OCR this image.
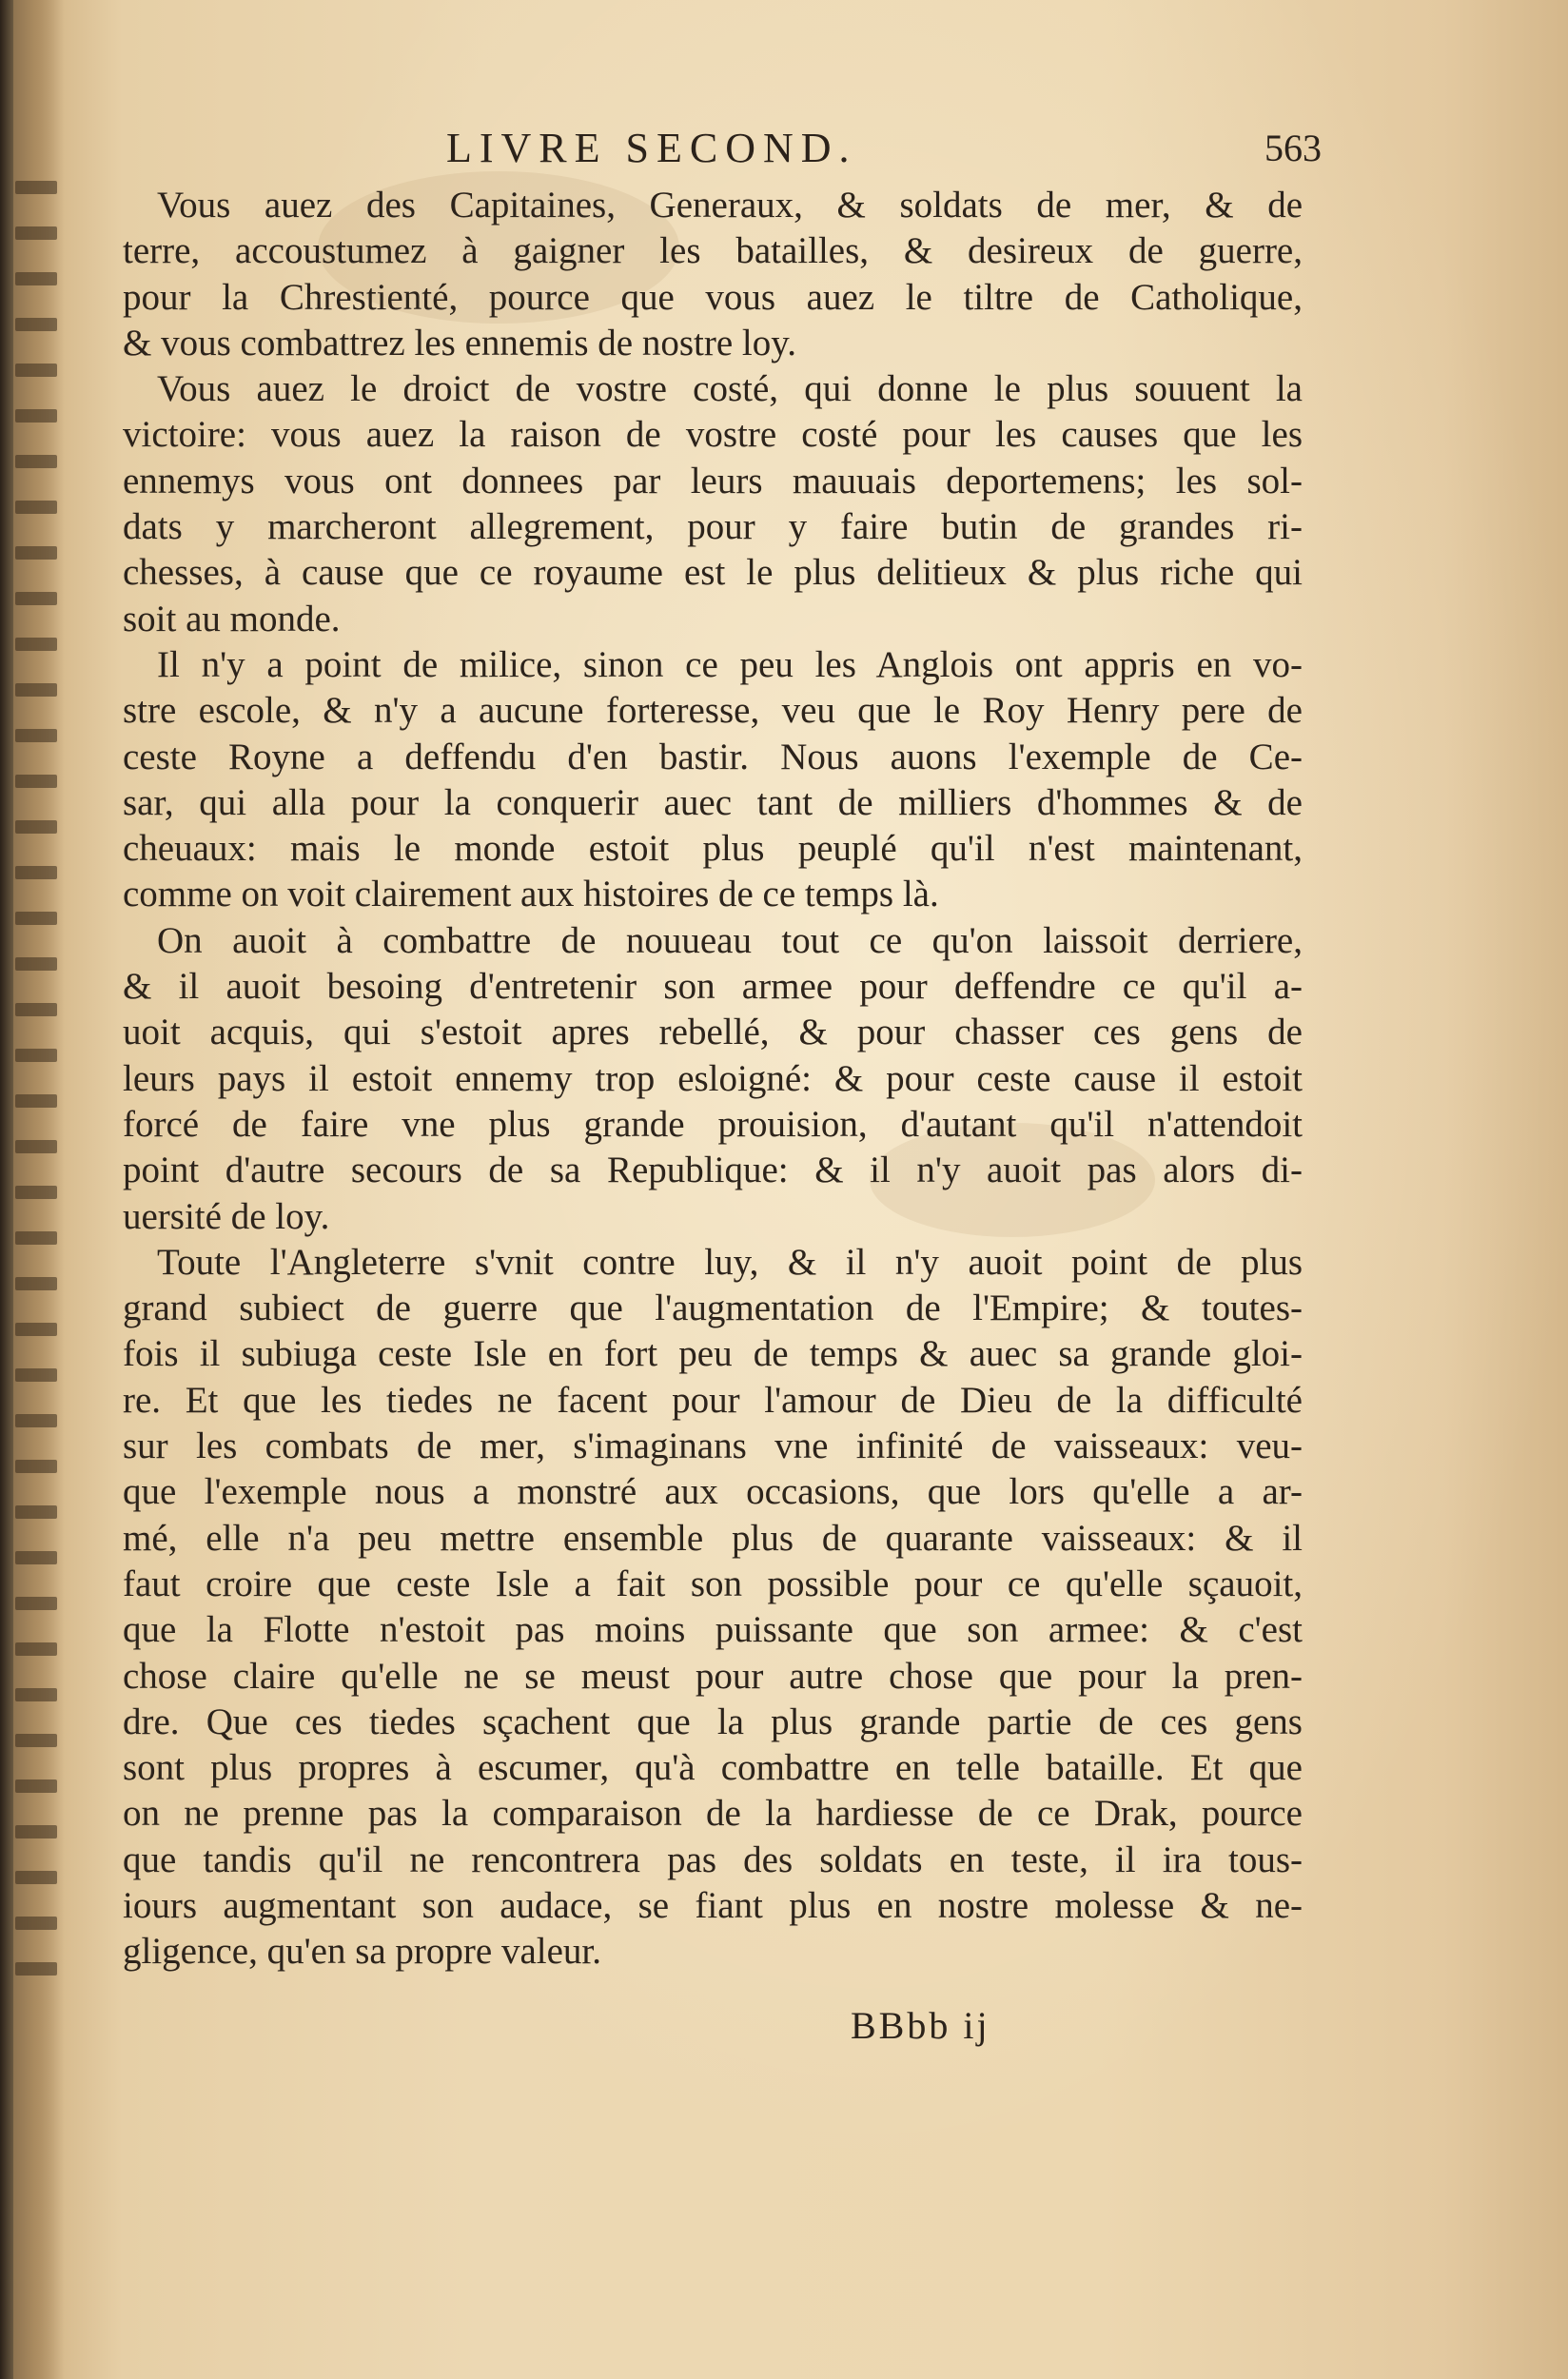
LIVRE SECOND.	563

Vous auez des Capitaines, Generaux, & soldats de mer, & de
terre, accoustumez à gaigner les batailles, & desireux de guerre,
pour la Chrestienté, pource que vous auez le tiltre de Catholique,
& vous combattrez les ennemis de nostre loy.

Vous auez le droict de vostre costé, qui donne le plus souuent la
victoire: vous auez la raison de vostre costé pour les causes que les
ennemys vous ont donnees par leurs mauuais deportemens; les sol-
dats y marcheront allegrement, pour y faire butin de grandes ri-
chesses, à cause que ce royaume est le plus delitieux & plus riche qui
soit au monde.

Il n'y a point de milice, sinon ce peu les Anglois ont appris en vo-
stre escole, & n'y a aucune forteresse, veu que le Roy Henry pere de
ceste Royne a deffendu d'en bastir. Nous auons l'exemple de Ce-
sar, qui alla pour la conquerir auec tant de milliers d'hommes & de
cheuaux: mais le monde estoit plus peuplé qu'il n'est maintenant,
comme on voit clairement aux histoires de ce temps là.

On auoit à combattre de nouueau tout ce qu'on laissoit derriere,
& il auoit besoing d'entretenir son armee pour deffendre ce qu'il a-
uoit acquis, qui s'estoit apres rebellé, & pour chasser ces gens de
leurs pays il estoit ennemy trop esloigné: & pour ceste cause il estoit
forcé de faire vne plus grande prouision, d'autant qu'il n'attendoit
point d'autre secours de sa Republique: & il n'y auoit pas alors di-
uersité de loy.

Toute l'Angleterre s'vnit contre luy, & il n'y auoit point de plus
grand subiect de guerre que l'augmentation de l'Empire; & toutes-
fois il subiuga ceste Isle en fort peu de temps & auec sa grande gloi-
re. Et que les tiedes ne facent pour l'amour de Dieu de la difficulté
sur les combats de mer, s'imaginans vne infinité de vaisseaux: veu-
que l'exemple nous a monstré aux occasions, que lors qu'elle a ar-
mé, elle n'a peu mettre ensemble plus de quarante vaisseaux: & il
faut croire que ceste Isle a fait son possible pour ce qu'elle sçauoit,
que la Flotte n'estoit pas moins puissante que son armee: & c'est
chose claire qu'elle ne se meust pour autre chose que pour la pren-
dre. Que ces tiedes sçachent que la plus grande partie de ces gens
sont plus propres à escumer, qu'à combattre en telle bataille. Et que
on ne prenne pas la comparaison de la hardiesse de ce Drak, pource
que tandis qu'il ne rencontrera pas des soldats en teste, il ira tous-
iours augmentant son audace, se fiant plus en nostre molesse & ne-
gligence, qu'en sa propre valeur.

BBbb ij
